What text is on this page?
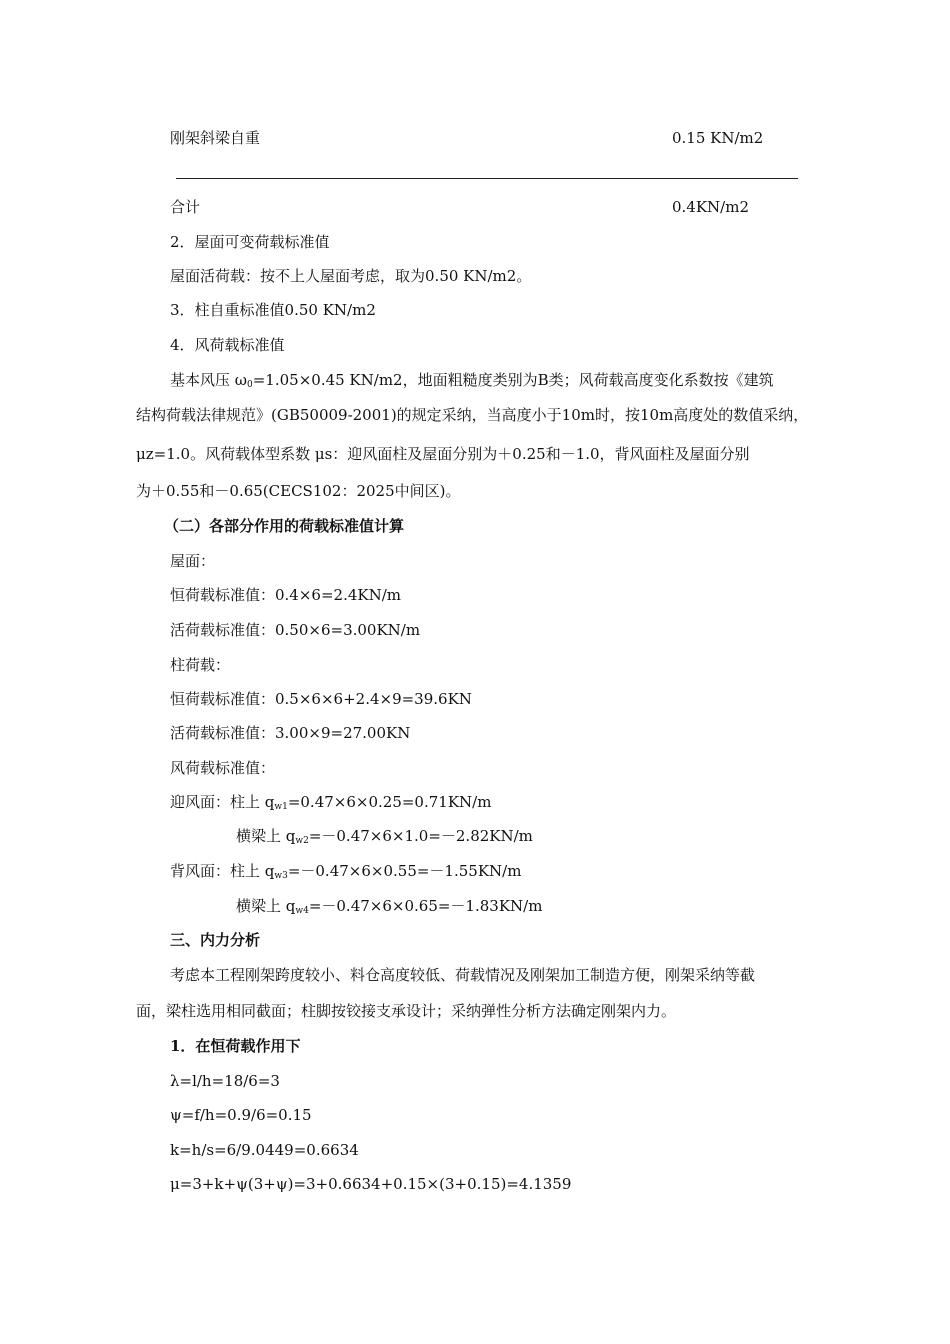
刚架斜梁自重	0.15 KN/m2
合计	0.4KN/m2
2．屋面可变荷载标准值
屋面活荷载：按不上人屋面考虑，取为0.50 KN/m2。
3．柱自重标准值0.50 KN/m2
4．风荷载标准值
基本风压 $\omega_0=1.05\times 0.45$ KN/m2，地面粗糙度类别为B类；风荷载高度变化系数按《建筑
结构荷载法律规范》(GB50009-2001)的规定采纳，当高度小于10m时，按10m高度处的数值采纳，
μz=1.0。风荷载体型系数 μs：迎风面柱及屋面分别为＋0.25和－1.0，背风面柱及屋面分别
为＋0.55和－0.65(CECS102：2025中间区)。
（二）各部分作用的荷载标准值计算
屋面：
恒荷载标准值：0.4×6=2.4KN/m
活荷载标准值：0.50×6=3.00KN/m
柱荷载：
恒荷载标准值：0.5×6×6+2.4×9=39.6KN
活荷载标准值：3.00×9=27.00KN
风荷载标准值：
迎风面：柱上 $q_{w1}=0.47\times 6\times 0.25=0.71KN/m$
横梁上 $q_{w2}=-0.47\times 6\times 1.0=-2.82KN/m$
背风面：柱上 $q_{w3}=-0.47\times 6\times 0.55=-1.55KN/m$
横梁上 $q_{w4}=-0.47\times 6\times 0.65=-1.83KN/m$
三、内力分析
考虑本工程刚架跨度较小、料仓高度较低、荷载情况及刚架加工制造方便，刚架采纳等截
面，梁柱选用相同截面；柱脚按铰接支承设计；采纳弹性分析方法确定刚架内力。
1．在恒荷载作用下
λ=l/h=18/6=3
ψ=f/h=0.9/6=0.15
k=h/s=6/9.0449=0.6634
μ=3+k+ψ(3+ψ)=3+0.6634+0.15×(3+0.15)=4.1359
